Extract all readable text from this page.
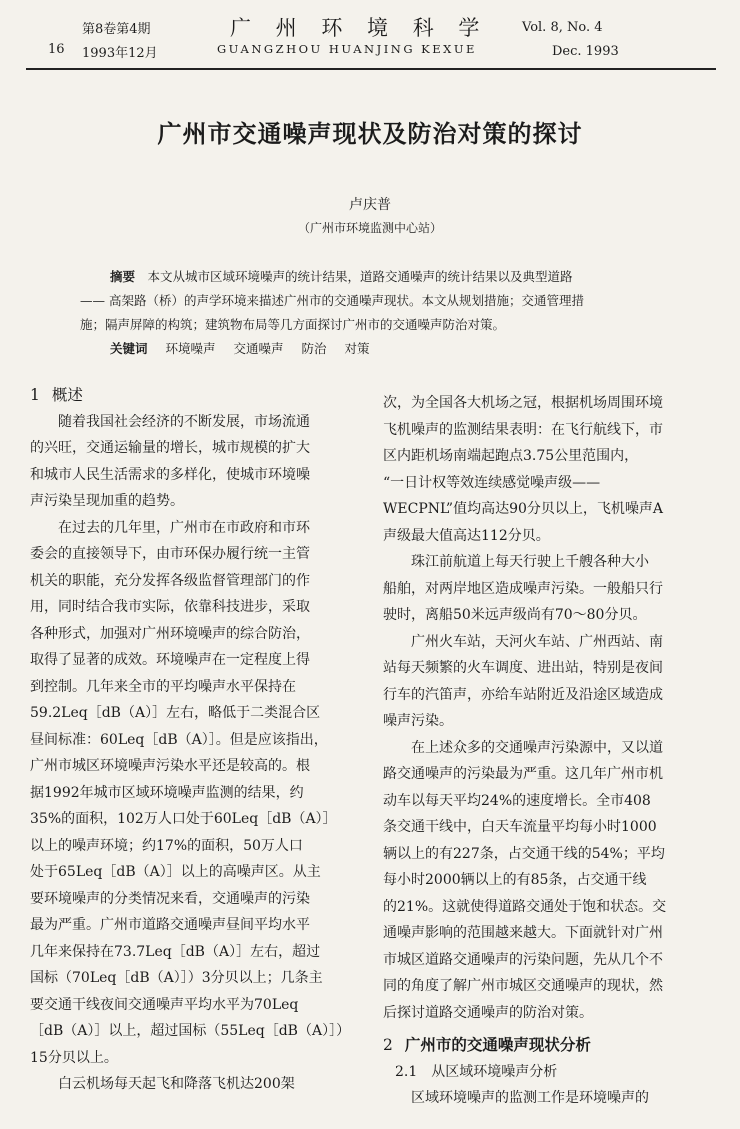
第8卷第4期
16 1993年12月
广 州 环 境 科 学
GUANGZHOU HUANJING KEXUE
Vol. 8, No. 4
Dec. 1993
广州市交通噪声现状及防治对策的探讨
卢庆普
（广州市环境监测中心站）
摘要　 本文从城市区域环境噪声的统计结果，道路交通噪声的统计结果以及典型道路
—— 高架路（桥）的声学环境来描述广州市的交通噪声现状。本文从规划措施；交通管理措
施；隔声屏障的构筑；建筑物布局等几方面探讨广州市的交通噪声防治对策。
关键词 环境噪声 交通噪声 防治 对策
1 概述
　　随着我国社会经济的不断发展，市场流通
的兴旺，交通运输量的增长，城市规模的扩大
和城市人民生活需求的多样化，使城市环境噪
声污染呈现加重的趋势。
　　在过去的几年里，广州市在市政府和市环
委会的直接领导下，由市环保办履行统一主管
机关的职能，充分发挥各级监督管理部门的作
用，同时结合我市实际，依靠科技进步，采取
各种形式，加强对广州环境噪声的综合防治，
取得了显著的成效。环境噪声在一定程度上得
到控制。几年来全市的平均噪声水平保持在
59.2Leq［dB（A）］左右，略低于二类混合区
昼间标准：60Leq［dB（A）］。但是应该指出，
广州市城区环境噪声污染水平还是较高的。根
据1992年城市区域环境噪声监测的结果，约
35%的面积，102万人口处于60Leq［dB（A）］
以上的噪声环境；约17%的面积，50万人口
处于65Leq［dB（A）］以上的高噪声区。从主
要环境噪声的分类情况来看，交通噪声的污染
最为严重。广州市道路交通噪声昼间平均水平
几年来保持在73.7Leq［dB（A）］左右，超过
国标（70Leq［dB（A）］）3分贝以上；几条主
要交通干线夜间交通噪声平均水平为70Leq
［dB（A）］以上，超过国标（55Leq［dB（A）］）
15分贝以上。
　　白云机场每天起飞和降落飞机达200架
次，为全国各大机场之冠，根据机场周围环境
飞机噪声的监测结果表明：在飞行航线下，市
区内距机场南端起跑点3.75公里范围内，
“一日计权等效连续感觉噪声级——
WECPNL”值均高达90分贝以上，飞机噪声A
声级最大值高达112分贝。
　　珠江前航道上每天行驶上千艘各种大小
船舶，对两岸地区造成噪声污染。一般船只行
驶时，离船50米远声级尚有70～80分贝。
　　广州火车站，天河火车站、广州西站、南
站每天频繁的火车调度、进出站，特别是夜间
行车的汽笛声，亦给车站附近及沿途区域造成
噪声污染。
　　在上述众多的交通噪声污染源中，又以道
路交通噪声的污染最为严重。这几年广州市机
动车以每天平均24%的速度增长。全市408
条交通干线中，白天车流量平均每小时1000
辆以上的有227条，占交通干线的54%；平均
每小时2000辆以上的有85条，占交通干线
的21%。这就使得道路交通处于饱和状态。交
通噪声影响的范围越来越大。下面就针对广州
市城区道路交通噪声的污染问题，先从几个不
同的角度了解广州市城区交通噪声的现状，然
后探讨道路交通噪声的防治对策。
2 广州市的交通噪声现状分析
2.1　 从区域环境噪声分析
　　区域环境噪声的监测工作是环境噪声的
